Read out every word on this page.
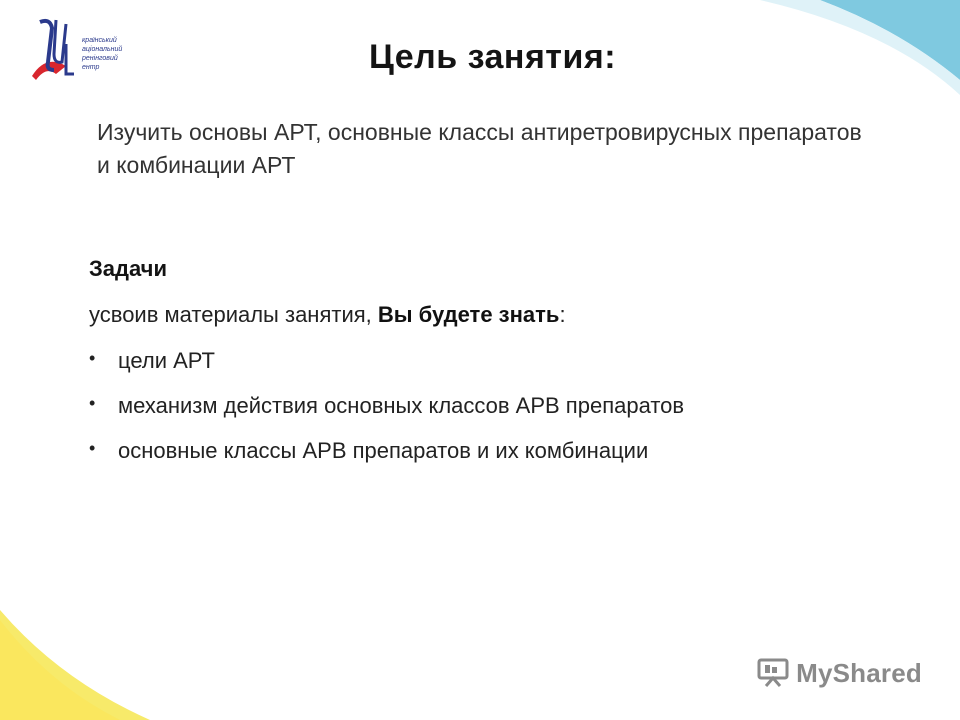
країнський
аціональний
ренінговий
ентр	Цель занятия:
Изучить основы АРТ, основные классы антиретровирусных препаратов и комбинации АРТ
Задачи
усвоив материалы занятия, Вы будете знать:
• цели АРТ
• механизм действия основных классов АРВ препаратов
• основные классы АРВ препаратов и их комбинации
MyShared
